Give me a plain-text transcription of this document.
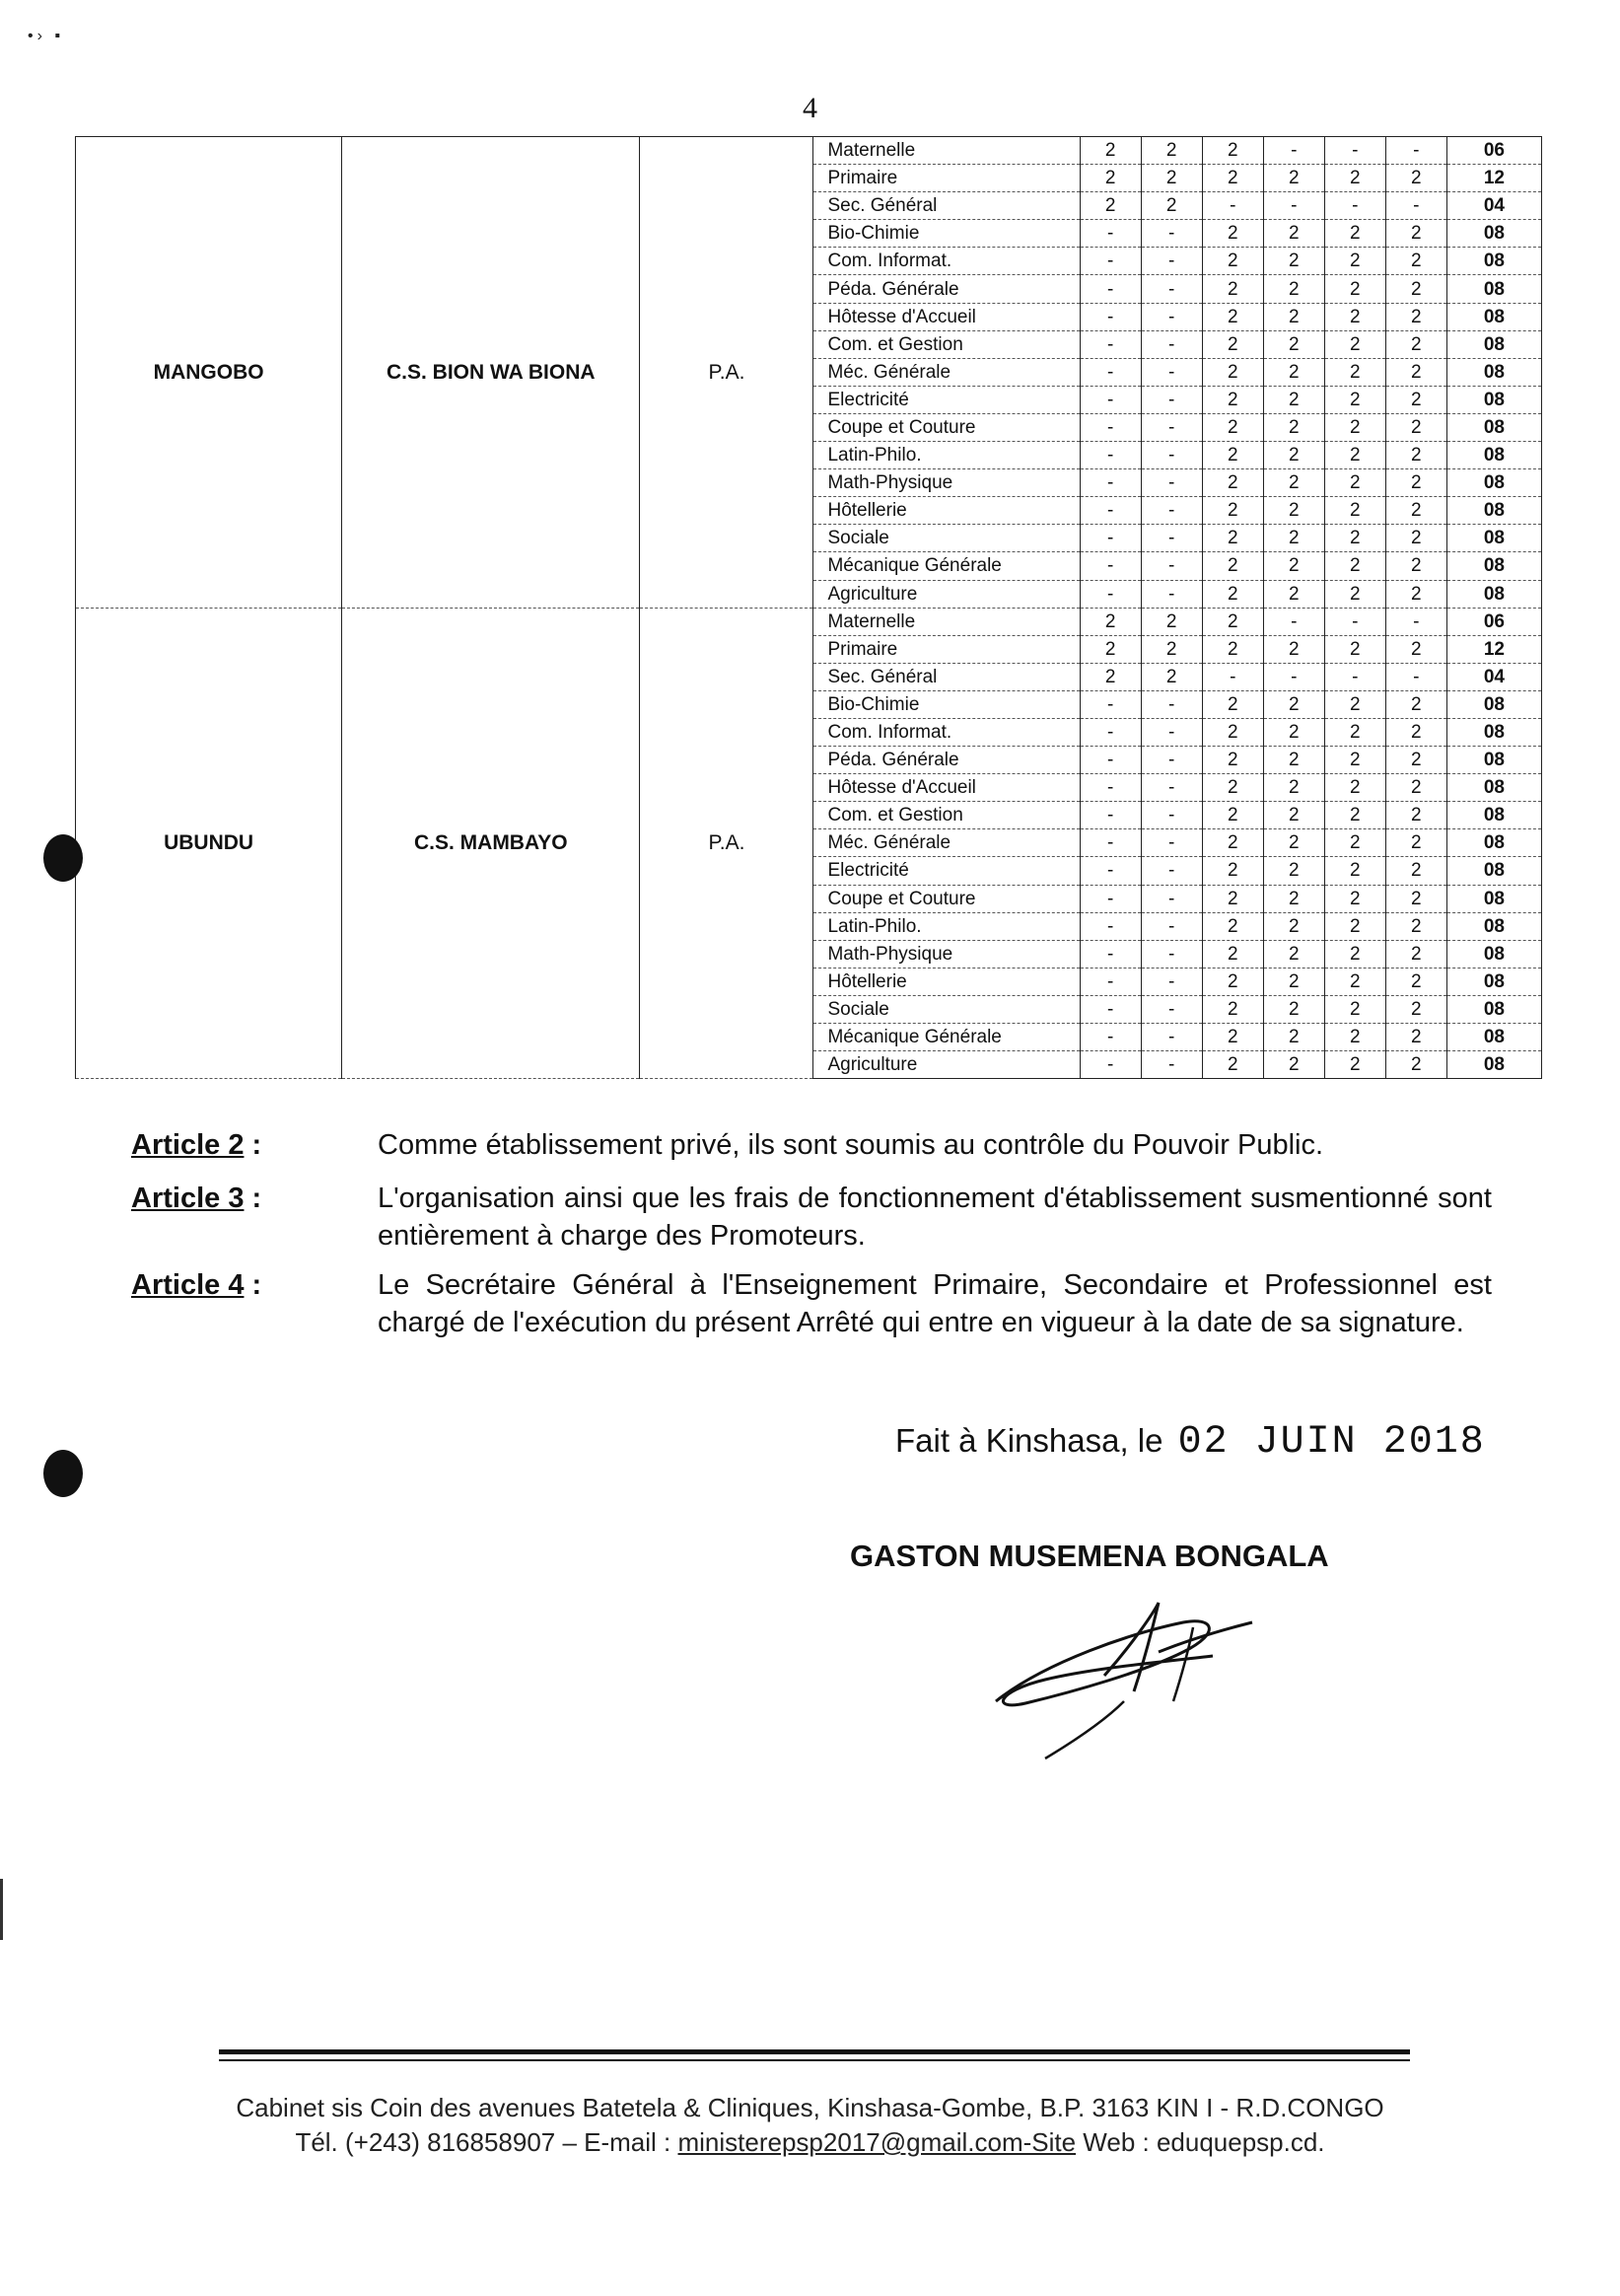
•› ▪
4
MANGOBO	C.S. BION WA BIONA	P.A.	Maternelle	2	2	2	-	-	-	06
			Primaire	2	2	2	2	2	2	12
			Sec. Général	2	2	-	-	-	-	04
			Bio-Chimie	-	-	2	2	2	2	08
			Com. Informat.	-	-	2	2	2	2	08
			Péda. Générale	-	-	2	2	2	2	08
			Hôtesse d'Accueil	-	-	2	2	2	2	08
			Com. et Gestion	-	-	2	2	2	2	08
			Méc. Générale	-	-	2	2	2	2	08
			Electricité	-	-	2	2	2	2	08
			Coupe et Couture	-	-	2	2	2	2	08
			Latin-Philo.	-	-	2	2	2	2	08
			Math-Physique	-	-	2	2	2	2	08
			Hôtellerie	-	-	2	2	2	2	08
			Sociale	-	-	2	2	2	2	08
			Mécanique Générale	-	-	2	2	2	2	08
			Agriculture	-	-	2	2	2	2	08
UBUNDU	C.S. MAMBAYO	P.A.	Maternelle	2	2	2	-	-	-	06
			Primaire	2	2	2	2	2	2	12
			Sec. Général	2	2	-	-	-	-	04
			Bio-Chimie	-	-	2	2	2	2	08
			Com. Informat.	-	-	2	2	2	2	08
			Péda. Générale	-	-	2	2	2	2	08
			Hôtesse d'Accueil	-	-	2	2	2	2	08
			Com. et Gestion	-	-	2	2	2	2	08
			Méc. Générale	-	-	2	2	2	2	08
			Electricité	-	-	2	2	2	2	08
			Coupe et Couture	-	-	2	2	2	2	08
			Latin-Philo.	-	-	2	2	2	2	08
			Math-Physique	-	-	2	2	2	2	08
			Hôtellerie	-	-	2	2	2	2	08
			Sociale	-	-	2	2	2	2	08
			Mécanique Générale	-	-	2	2	2	2	08
			Agriculture	-	-	2	2	2	2	08
Article 2 :	Comme établissement privé, ils sont soumis au contrôle du Pouvoir Public.
Article 3 :	L'organisation ainsi que les frais de fonctionnement d'établissement susmentionné sont entièrement à charge des Promoteurs.
Article 4 :	Le Secrétaire Général à l'Enseignement Primaire, Secondaire et Professionnel est chargé de l'exécution du présent Arrêté qui entre en vigueur à la date de sa signature.
Fait à Kinshasa, le 02 JUIN 2018
GASTON MUSEMENA BONGALA
Cabinet sis Coin des avenues Batetela & Cliniques, Kinshasa-Gombe, B.P. 3163 KIN I - R.D.CONGO
Tél. (+243) 816858907 – E-mail : ministerepsp2017@gmail.com-Site Web : eduquepsp.cd.
